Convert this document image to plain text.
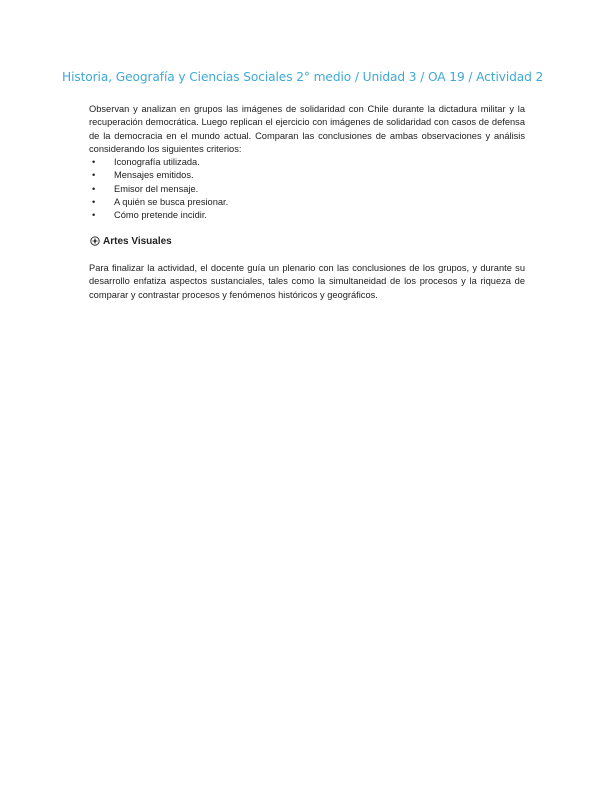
Historia, Geografía y Ciencias Sociales 2° medio / Unidad 3 / OA 19 / Actividad 2

Observan y analizan en grupos las imágenes de solidaridad con Chile durante la dictadura militar y la recuperación democrática. Luego replican el ejercicio con imágenes de solidaridad con casos de defensa de la democracia en el mundo actual. Comparan las conclusiones de ambas observaciones y análisis considerando los siguientes criterios:

• Iconografía utilizada.
• Mensajes emitidos.
• Emisor del mensaje.
• A quién se busca presionar.
• Cómo pretende incidir.
Artes Visuales

Para finalizar la actividad, el docente guía un plenario con las conclusiones de los grupos, y durante su desarrollo enfatiza aspectos sustanciales, tales como la simultaneidad de los procesos y la riqueza de comparar y contrastar procesos y fenómenos históricos y geográficos.
